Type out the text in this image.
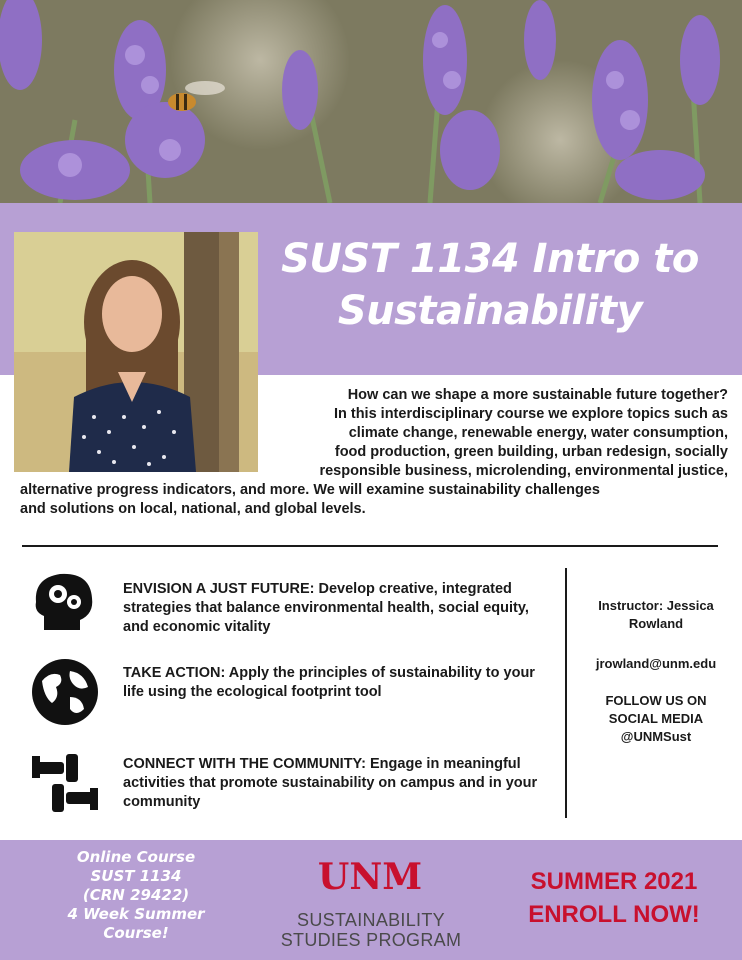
SUST 1134 Intro to Sustainability

How can we shape a more sustainable future together?
In this interdisciplinary course we explore topics such as
climate change, renewable energy, water consumption,
food production, green building, urban redesign, socially
responsible business, microlending, environmental justice,

alternative progress indicators, and more. We will examine sustainability challenges
and solutions on local, national, and global levels.

ENVISION A JUST FUTURE: Develop creative, integrated strategies that balance environmental health, social equity, and economic vitality

TAKE ACTION: Apply the principles of sustainability to your life using the ecological footprint tool

CONNECT WITH THE COMMUNITY: Engage in meaningful activities that promote sustainability on campus and in your community

Instructor: Jessica
Rowland

jrowland@unm.edu

FOLLOW US ON
SOCIAL MEDIA
@UNMSust

Online Course
SUST 1134
(CRN 29422)
4 Week Summer
Course!

UNM

SUSTAINABILITY
STUDIES PROGRAM

SUMMER 2021
ENROLL NOW!
